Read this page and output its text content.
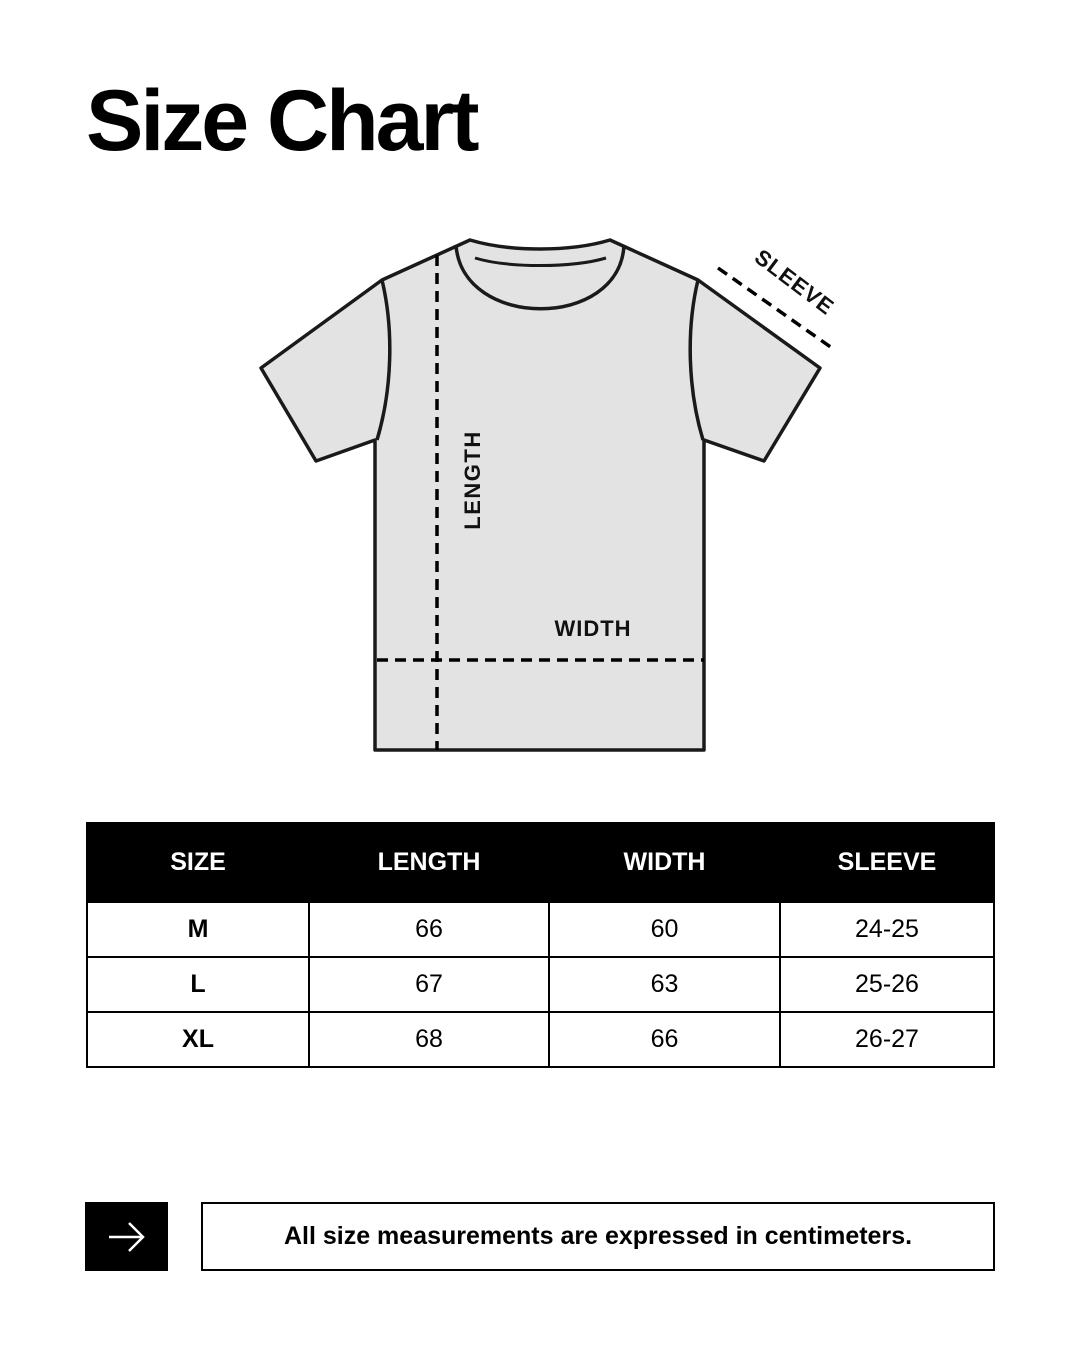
Size Chart
LENGTH
WIDTH
SLEEVE
SIZE	LENGTH	WIDTH	SLEEVE
M	66	60	24-25
L	67	63	25-26
XL	68	66	26-27
All size measurements are expressed in centimeters.
